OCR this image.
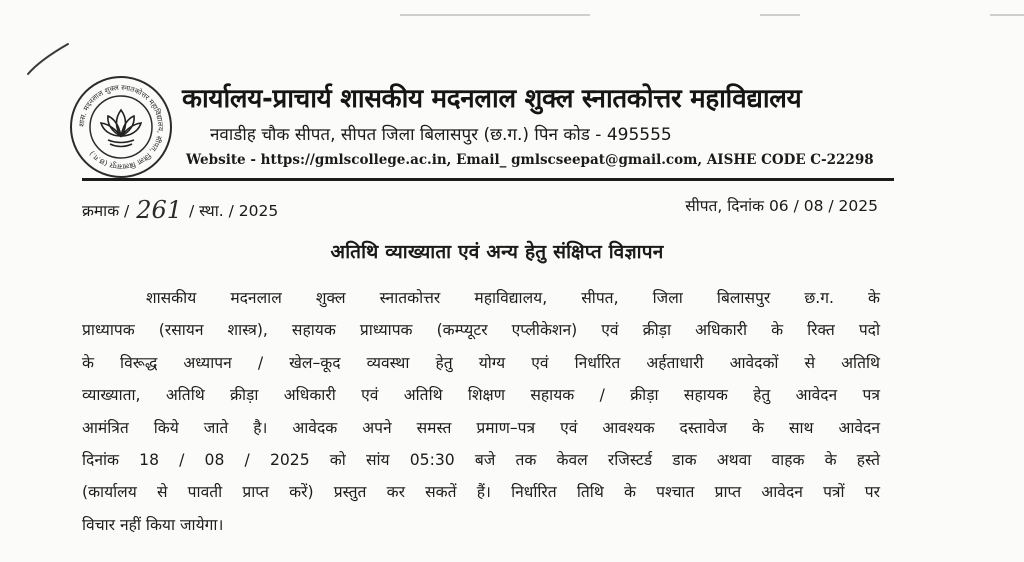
शास. मदनलाल शुक्ल स्नातकोत्तर महाविद्यालय, सीपत, जिला बिलासपुर (छ.ग.)
कार्यालय-प्राचार्य शासकीय मदनलाल शुक्ल स्नातकोत्तर महाविद्यालय
नवाडीह चौक सीपत, सीपत जिला बिलासपुर (छ.ग.) पिन कोड - 495555
Website - https://gmlscollege.ac.in, Email_ gmlscseepat@gmail.com, AISHE CODE C-22298
क्रमाक / 261 / स्था. / 2025	सीपत, दिनांक 06 / 08 / 2025
अतिथि व्याख्याता एवं अन्य हेतु संक्षिप्त विज्ञापन
शासकीय मदनलाल शुक्ल स्नातकोत्तर महाविद्यालय, सीपत, जिला बिलासपुर छ.ग. के
प्राध्यापक (रसायन शास्त्र), सहायक प्राध्यापक (कम्प्यूटर एप्लीकेशन) एवं क्रीड़ा अधिकारी के रिक्त पदो
के विरूद्ध अध्यापन / खेल–कूद व्यवस्था हेतु योग्य एवं निर्धारित अर्हताधारी आवेदकों से अतिथि
व्याख्याता, अतिथि क्रीड़ा अधिकारी एवं अतिथि शिक्षण सहायक / क्रीड़ा सहायक हेतु आवेदन पत्र
आमंत्रित किये जाते है। आवेदक अपने समस्त प्रमाण–पत्र एवं आवश्यक दस्तावेज के साथ आवेदन
दिनांक 18 / 08 / 2025 को सांय 05:30 बजे तक केवल रजिस्टर्ड डाक अथवा वाहक के हस्ते
(कार्यालय से पावती प्राप्त करें) प्रस्तुत कर सकतें हैं। निर्धारित तिथि के पश्चात प्राप्त आवेदन पत्रों पर
विचार नहीं किया जायेगा।
